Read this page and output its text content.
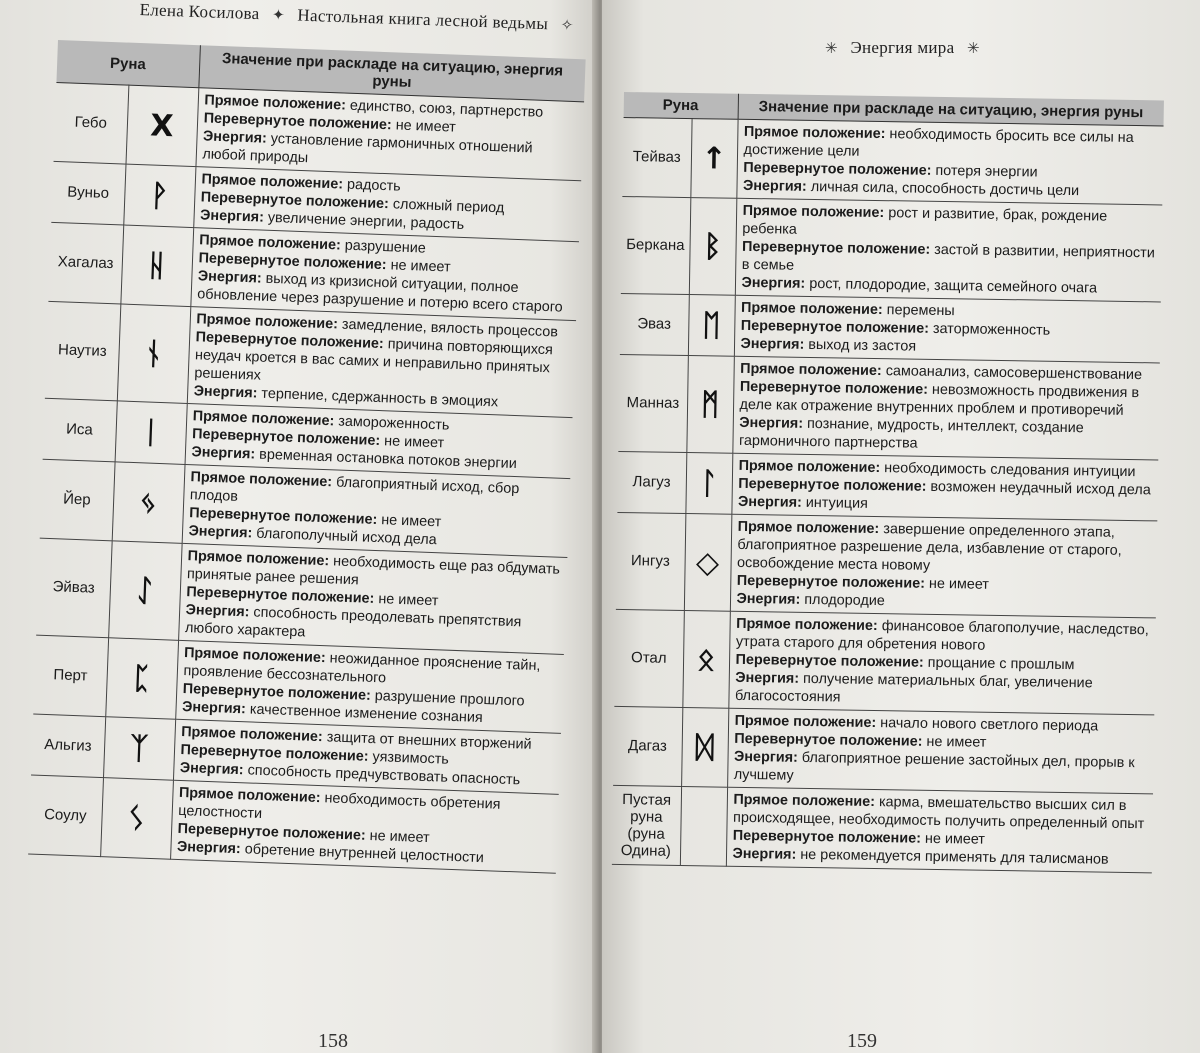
Елена Косилова ✦ Настольная книга лесной ведьмы ✧
Руна		Значение при раскладе на ситуацию, энергия руны
Гебо	X	Прямое положение: единство, союз, партнерство
Перевернутое положение: не имеет
Энергия: установление гармоничных отношений любой природы

Вуньо	ᚹ	Прямое положение: радость
Перевернутое положение: сложный период
Энергия: увеличение энергии, радость

Хагалаз	ᚺ	Прямое положение: разрушение
Перевернутое положение: не имеет
Энергия: выход из кризисной ситуации, полное обновление через разрушение и потерю всего старого

Наутиз	ᚾ	Прямое положение: замедление, вялость процессов
Перевернутое положение: причина повторяющихся неудач кроется в вас самих и неправильно принятых решениях
Энергия: терпение, сдержанность в эмоциях

Иса	ᛁ	Прямое положение: замороженность
Перевернутое положение: не имеет
Энергия: временная остановка потоков энергии

Йер	ᛃ	Прямое положение: благоприятный исход, сбор плодов
Перевернутое положение: не имеет
Энергия: благополучный исход дела

Эйваз	ᛇ	Прямое положение: необходимость еще раз обдумать принятые ранее решения
Перевернутое положение: не имеет
Энергия: способность преодолевать препятствия любого характера

Перт	ᛈ	Прямое положение: неожиданное прояснение тайн, проявление бессознательного
Перевернутое положение: разрушение прошлого
Энергия: качественное изменение сознания

Альгиз	ᛉ	Прямое положение: защита от внешних вторжений
Перевернутое положение: уязвимость
Энергия: способность предчувствовать опасность

Соулу	ᛊ	Прямое положение: необходимость обретения целостности
Перевернутое положение: не имеет
Энергия: обретение внутренней целостности
158
✳ Энергия мира ✳
Руна		Значение при раскладе на ситуацию, энергия руны
Тейваз	↑	Прямое положение: необходимость бросить все силы на достижение цели
Перевернутое положение: потеря энергии
Энергия: личная сила, способность достичь цели

Беркана	ᛒ	Прямое положение: рост и развитие, брак, рождение ребенка
Перевернутое положение: застой в развитии, неприятности в семье
Энергия: рост, плодородие, защита семейного очага

Эваз	ᛖ	Прямое положение: перемены
Перевернутое положение: заторможенность
Энергия: выход из застоя

Манназ	ᛗ	Прямое положение: самоанализ, самосовершенствование
Перевернутое положение: невозможность продвижения в деле как отражение внутренних проблем и противоречий
Энергия: познание, мудрость, интеллект, создание гармоничного партнерства

Лагуз	ᛚ	Прямое положение: необходимость следования интуиции
Перевернутое положение: возможен неудачный исход дела
Энергия: интуиция

Ингуз	◇	Прямое положение: завершение определенного этапа, благоприятное разрешение дела, избавление от старого, освобождение места новому
Перевернутое положение: не имеет
Энергия: плодородие

Отал	ᛟ	Прямое положение: финансовое благополучие, наследство, утрата старого для обретения нового
Перевернутое положение: прощание с прошлым
Энергия: получение материальных благ, увеличение благосостояния

Дагаз	ᛞ	Прямое положение: начало нового светлого периода
Перевернутое положение: не имеет
Энергия: благоприятное решение застойных дел, прорыв к лучшему

Пустая руна (руна Одина)		Прямое положение: карма, вмешательство высших сил в происходящее, необходимость получить определенный опыт
Перевернутое положение: не имеет
Энергия: не рекомендуется применять для талисманов
159
